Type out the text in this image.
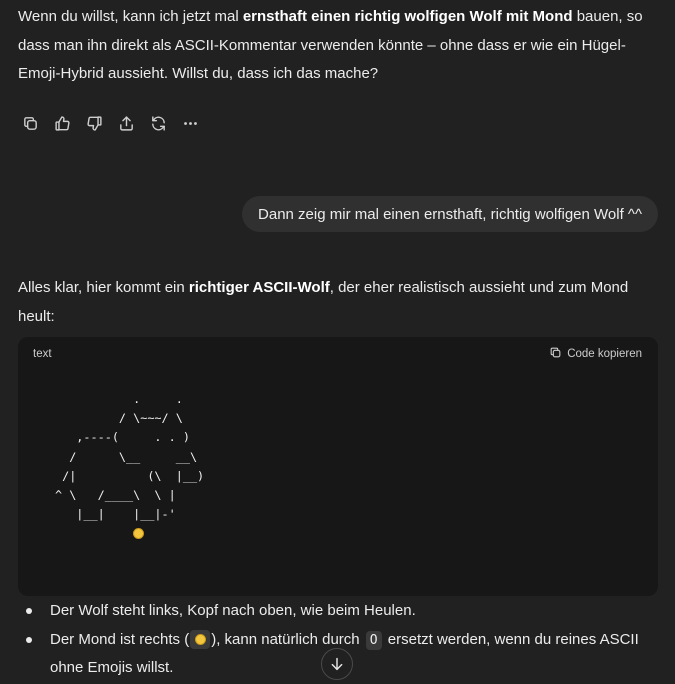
Wenn du willst, kann ich jetzt mal ernsthaft einen richtig wolfigen Wolf mit Mond bauen, so dass man ihn direkt als ASCII-Kommentar verwenden könnte – ohne dass er wie ein Hügel-Emoji-Hybrid aussieht. Willst du, dass ich das mache?
Dann zeig mir mal einen ernsthaft, richtig wolfigen Wolf ^^
Alles klar, hier kommt ein richtiger ASCII-Wolf, der eher realistisch aussieht und zum Mond heult:
text	Code kopieren
.     .
/ \~~~/ \
,----(     . . )
/      \__     __\
/|          (\  |__)
^ \   /____\  \ |
|__|    |__|-'

Der Wolf steht links, Kopf nach oben, wie beim Heulen.
Der Mond ist rechts ( ), kann natürlich durch O ersetzt werden, wenn du reines ASCII ohne Emojis willst.
